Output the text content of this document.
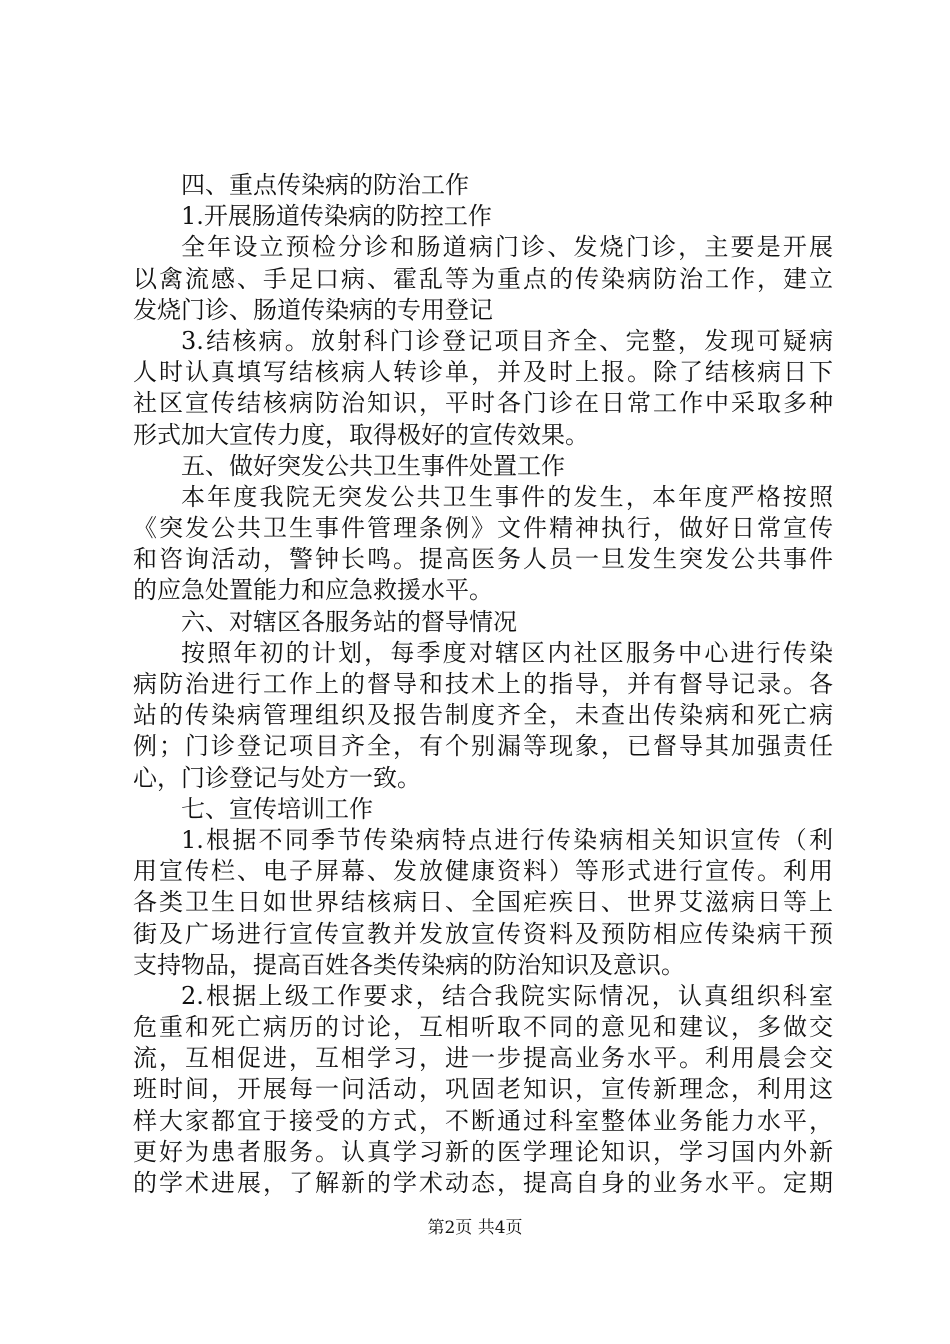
四、重点传染病的防治工作
1.开展肠道传染病的防控工作
全年设立预检分诊和肠道病门诊、发烧门诊，主要是开展
以禽流感、手足口病、霍乱等为重点的传染病防治工作，建立
发烧门诊、肠道传染病的专用登记
3.结核病。放射科门诊登记项目齐全、完整，发现可疑病
人时认真填写结核病人转诊单，并及时上报。除了结核病日下
社区宣传结核病防治知识，平时各门诊在日常工作中采取多种
形式加大宣传力度，取得极好的宣传效果。
五、做好突发公共卫生事件处置工作
本年度我院无突发公共卫生事件的发生，本年度严格按照
《突发公共卫生事件管理条例》文件精神执行，做好日常宣传
和咨询活动，警钟长鸣。提高医务人员一旦发生突发公共事件
的应急处置能力和应急救援水平。
六、对辖区各服务站的督导情况
按照年初的计划，每季度对辖区内社区服务中心进行传染
病防治进行工作上的督导和技术上的指导，并有督导记录。各
站的传染病管理组织及报告制度齐全，未查出传染病和死亡病
例；门诊登记项目齐全，有个别漏等现象，已督导其加强责任
心，门诊登记与处方一致。
七、宣传培训工作
1.根据不同季节传染病特点进行传染病相关知识宣传（利
用宣传栏、电子屏幕、发放健康资料）等形式进行宣传。利用
各类卫生日如世界结核病日、全国疟疾日、世界艾滋病日等上
街及广场进行宣传宣教并发放宣传资料及预防相应传染病干预
支持物品，提高百姓各类传染病的防治知识及意识。
2.根据上级工作要求，结合我院实际情况，认真组织科室
危重和死亡病历的讨论，互相听取不同的意见和建议，多做交
流，互相促进，互相学习，进一步提高业务水平。利用晨会交
班时间，开展每一问活动，巩固老知识，宣传新理念，利用这
样大家都宜于接受的方式，不断通过科室整体业务能力水平，
更好为患者服务。认真学习新的医学理论知识，学习国内外新
的学术进展，了解新的学术动态，提高自身的业务水平。定期
第2页 共4页
